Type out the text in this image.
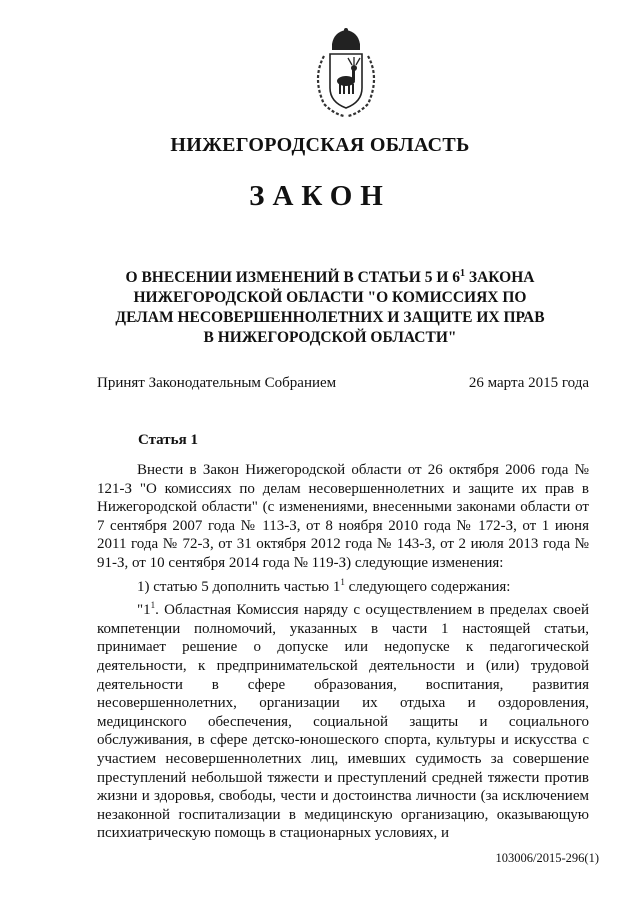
НИЖЕГОРОДСКАЯ ОБЛАСТЬ
ЗАКОН
О ВНЕСЕНИИ ИЗМЕНЕНИЙ В СТАТЬИ 5 И $6^1$ ЗАКОНА НИЖЕГОРОДСКОЙ ОБЛАСТИ "О КОМИССИЯХ ПО ДЕЛАМ НЕСОВЕРШЕННОЛЕТНИХ И ЗАЩИТЕ ИХ ПРАВ В НИЖЕГОРОДСКОЙ ОБЛАСТИ"
Принят Законодательным Собранием	26 марта 2015 года
Статья 1

Внести в Закон Нижегородской области от 26 октября 2006 года № 121-З "О комиссиях по делам несовершеннолетних и защите их прав в Нижегородской области" (с изменениями, внесенными законами области от 7 сентября 2007 года № 113-З, от 8 ноября 2010 года № 172-З, от 1 июня 2011 года № 72-З, от 31 октября 2012 года № 143-З, от 2 июля 2013 года № 91-З, от 10 сентября 2014 года № 119-З) следующие изменения:

1) статью 5 дополнить частью $1^1$ следующего содержания:

"$1^1$. Областная Комиссия наряду с осуществлением в пределах своей компетенции полномочий, указанных в части 1 настоящей статьи, принимает решение о допуске или недопуске к педагогической деятельности, к предпринимательской деятельности и (или) трудовой деятельности в сфере образования, воспитания, развития несовершеннолетних, организации их отдыха и оздоровления, медицинского обеспечения, социальной защиты и социального обслуживания, в сфере детско-юношеского спорта, культуры и искусства с участием несовершеннолетних лиц, имевших судимость за совершение преступлений небольшой тяжести и преступлений средней тяжести против жизни и здоровья, свободы, чести и достоинства личности (за исключением незаконной госпитализации в медицинскую организацию, оказывающую психиатрическую помощь в стационарных условиях, и

103006/2015-296(1)
